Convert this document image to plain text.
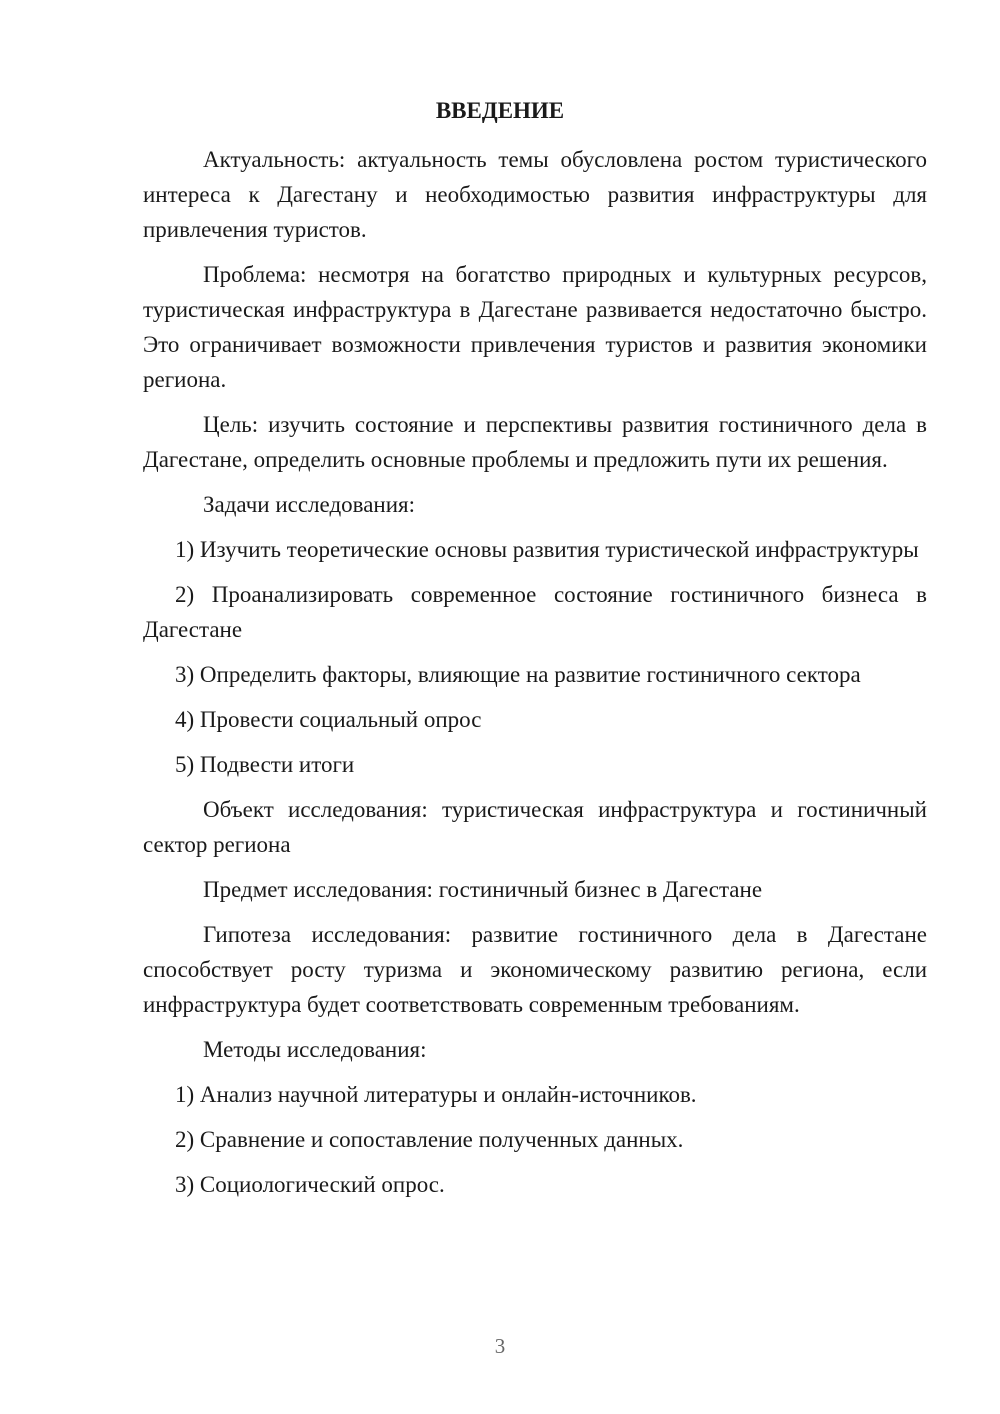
ВВЕДЕНИЕ

Актуальность: актуальность темы обусловлена ростом туристического интереса к Дагестану и необходимостью развития инфраструктуры для привлечения туристов.

Проблема: несмотря на богатство природных и культурных ресурсов, туристическая инфраструктура в Дагестане развивается недостаточно быстро. Это ограничивает возможности привлечения туристов и развития экономики региона.

Цель: изучить состояние и перспективы развития гостиничного дела в Дагестане, определить основные проблемы и предложить пути их решения.

Задачи исследования:

1) Изучить теоретические основы развития туристической инфраструктуры

2) Проанализировать современное состояние гостиничного бизнеса в Дагестане

3) Определить факторы, влияющие на развитие гостиничного сектора

4) Провести социальный опрос

5) Подвести итоги

Объект исследования: туристическая инфраструктура и гостиничный сектор региона

Предмет исследования: гостиничный бизнес в Дагестане

Гипотеза исследования: развитие гостиничного дела в Дагестане способствует росту туризма и экономическому развитию региона, если инфраструктура будет соответствовать современным требованиям.

Методы исследования:

1) Анализ научной литературы и онлайн-источников.

2) Сравнение и сопоставление полученных данных.

3) Социологический опрос.

3
